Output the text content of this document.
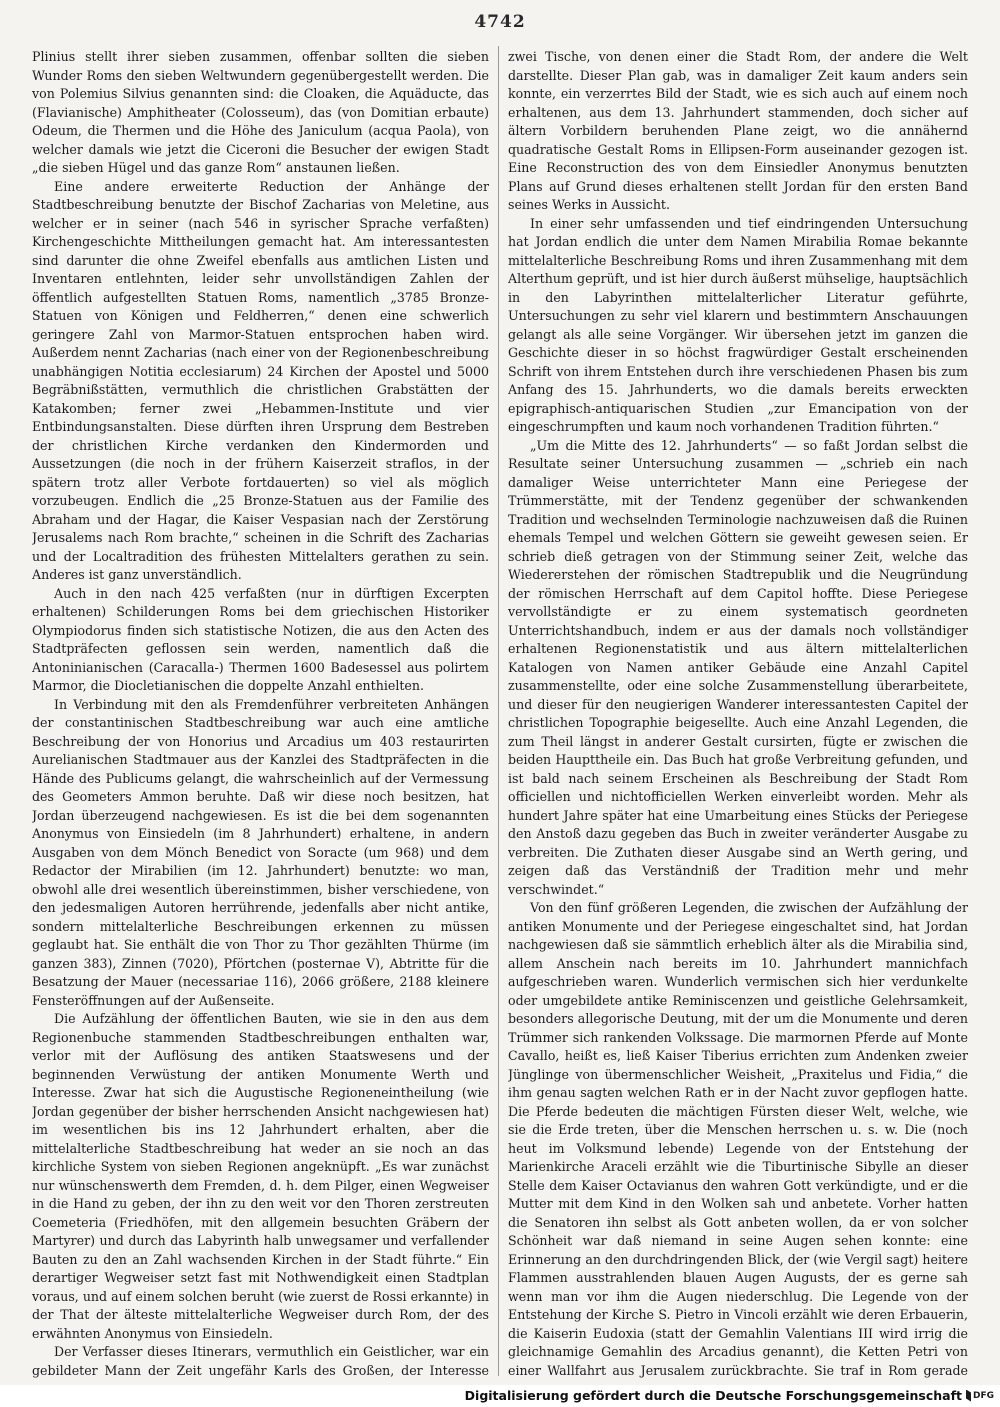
4742

Plinius stellt ihrer sieben zusammen, offenbar sollten die sieben Wunder Roms den sieben Weltwundern gegenübergestellt werden. Die von Polemius Silvius genannten sind: die Cloaken, die Aquäducte, das (Flavianische) Amphitheater (Colosseum), das (von Domitian erbaute) Odeum, die Thermen und die Höhe des Janiculum (acqua Paola), von welcher damals wie jetzt die Ciceroni die Besucher der ewigen Stadt „die sieben Hügel und das ganze Rom“ anstaunen ließen.

Eine andere erweiterte Reduction der Anhänge der Stadtbeschreibung benutzte der Bischof Zacharias von Meletine, aus welcher er in seiner (nach 546 in syrischer Sprache verfaßten) Kirchengeschichte Mittheilungen gemacht hat. Am interessantesten sind darunter die ohne Zweifel ebenfalls aus amtlichen Listen und Inventaren entlehnten, leider sehr unvollständigen Zahlen der öffentlich aufgestellten Statuen Roms, namentlich „3785 Bronze-Statuen von Königen und Feldherren,“ denen eine schwerlich geringere Zahl von Marmor-Statuen entsprochen haben wird. Außerdem nennt Zacharias (nach einer von der Regionenbeschreibung unabhängigen Notitia ecclesiarum) 24 Kirchen der Apostel und 5000 Begräbnißstätten, vermuthlich die christlichen Grabstätten der Katakomben; ferner zwei „Hebammen-Institute und vier Entbindungsanstalten. Diese dürften ihren Ursprung dem Bestreben der christlichen Kirche verdanken den Kindermorden und Aussetzungen (die noch in der frühern Kaiserzeit straflos, in der spätern trotz aller Verbote fortdauerten) so viel als möglich vorzubeugen. Endlich die „25 Bronze-Statuen aus der Familie des Abraham und der Hagar, die Kaiser Vespasian nach der Zerstörung Jerusalems nach Rom brachte,“ scheinen in die Schrift des Zacharias und der Localtradition des frühesten Mittelalters gerathen zu sein. Anderes ist ganz unverständlich.

Auch in den nach 425 verfaßten (nur in dürftigen Excerpten erhaltenen) Schilderungen Roms bei dem griechischen Historiker Olympiodorus finden sich statistische Notizen, die aus den Acten des Stadtpräfecten geflossen sein werden, namentlich daß die Antoninianischen (Caracalla-) Thermen 1600 Badesessel aus polirtem Marmor, die Diocletianischen die doppelte Anzahl enthielten.

In Verbindung mit den als Fremdenführer verbreiteten Anhängen der constantinischen Stadtbeschreibung war auch eine amtliche Beschreibung der von Honorius und Arcadius um 403 restaurirten Aurelianischen Stadtmauer aus der Kanzlei des Stadtpräfecten in die Hände des Publicums gelangt, die wahrscheinlich auf der Vermessung des Geometers Ammon beruhte. Daß wir diese noch besitzen, hat Jordan überzeugend nachgewiesen. Es ist die bei dem sogenannten Anonymus von Einsiedeln (im 8 Jahrhundert) erhaltene, in andern Ausgaben von dem Mönch Benedict von Soracte (um 968) und dem Redactor der Mirabilien (im 12. Jahrhundert) benutzte: wo man, obwohl alle drei wesentlich übereinstimmen, bisher verschiedene, von den jedesmaligen Autoren herrührende, jedenfalls aber nicht antike, sondern mittelalterliche Beschreibungen erkennen zu müssen geglaubt hat. Sie enthält die von Thor zu Thor gezählten Thürme (im ganzen 383), Zinnen (7020), Pförtchen (posternae V), Abtritte für die Besatzung der Mauer (necessariae 116), 2066 größere, 2188 kleinere Fensteröffnungen auf der Außenseite.

Die Aufzählung der öffentlichen Bauten, wie sie in den aus dem Regionenbuche stammenden Stadtbeschreibungen enthalten war, verlor mit der Auflösung des antiken Staatswesens und der beginnenden Verwüstung der antiken Monumente Werth und Interesse. Zwar hat sich die Augustische Regioneneintheilung (wie Jordan gegenüber der bisher herrschenden Ansicht nachgewiesen hat) im wesentlichen bis ins 12 Jahrhundert erhalten, aber die mittelalterliche Stadtbeschreibung hat weder an sie noch an das kirchliche System von sieben Regionen angeknüpft. „Es war zunächst nur wünschenswerth dem Fremden, d. h. dem Pilger, einen Wegweiser in die Hand zu geben, der ihn zu den weit vor den Thoren zerstreuten Coemeteria (Friedhöfen, mit den allgemein besuchten Gräbern der Martyrer) und durch das Labyrinth halb unwegsamer und verfallender Bauten zu den an Zahl wachsenden Kirchen in der Stadt führte.“ Ein derartiger Wegweiser setzt fast mit Nothwendigkeit einen Stadtplan voraus, und auf einem solchen beruht (wie zuerst de Rossi erkannte) in der That der älteste mittelalterliche Wegweiser durch Rom, der des erwähnten Anonymus von Einsiedeln.

Der Verfasser dieses Itinerars, vermuthlich ein Geistlicher, war ein gebildeter Mann der Zeit ungefähr Karls des Großen, der Interesse

zwei Tische, von denen einer die Stadt Rom, der andere die Welt darstellte. Dieser Plan gab, was in damaliger Zeit kaum anders sein konnte, ein verzerrtes Bild der Stadt, wie es sich auch auf einem noch erhaltenen, aus dem 13. Jahrhundert stammenden, doch sicher auf ältern Vorbildern beruhenden Plane zeigt, wo die annähernd quadratische Gestalt Roms in Ellipsen-Form auseinander gezogen ist. Eine Reconstruction des von dem Einsiedler Anonymus benutzten Plans auf Grund dieses erhaltenen stellt Jordan für den ersten Band seines Werks in Aussicht.

In einer sehr umfassenden und tief eindringenden Untersuchung hat Jordan endlich die unter dem Namen Mirabilia Romae bekannte mittelalterliche Beschreibung Roms und ihren Zusammenhang mit dem Alterthum geprüft, und ist hier durch äußerst mühselige, hauptsächlich in den Labyrinthen mittelalterlicher Literatur geführte, Untersuchungen zu sehr viel klarern und bestimmtern Anschauungen gelangt als alle seine Vorgänger. Wir übersehen jetzt im ganzen die Geschichte dieser in so höchst fragwürdiger Gestalt erscheinenden Schrift von ihrem Entstehen durch ihre verschiedenen Phasen bis zum Anfang des 15. Jahrhunderts, wo die damals bereits erweckten epigraphisch-antiquarischen Studien „zur Emancipation von der eingeschrumpften und kaum noch vorhandenen Tradition führten.“

„Um die Mitte des 12. Jahrhunderts“ — so faßt Jordan selbst die Resultate seiner Untersuchung zusammen — „schrieb ein nach damaliger Weise unterrichteter Mann eine Periegese der Trümmerstätte, mit der Tendenz gegenüber der schwankenden Tradition und wechselnden Terminologie nachzuweisen daß die Ruinen ehemals Tempel und welchen Göttern sie geweiht gewesen seien. Er schrieb dieß getragen von der Stimmung seiner Zeit, welche das Wiedererstehen der römischen Stadtrepublik und die Neugründung der römischen Herrschaft auf dem Capitol hoffte. Diese Periegese vervollständigte er zu einem systematisch geordneten Unterrichtshandbuch, indem er aus der damals noch vollständiger erhaltenen Regionenstatistik und aus ältern mittelalterlichen Katalogen von Namen antiker Gebäude eine Anzahl Capitel zusammenstellte, oder eine solche Zusammenstellung überarbeitete, und dieser für den neugierigen Wanderer interessantesten Capitel der christlichen Topographie beigesellte. Auch eine Anzahl Legenden, die zum Theil längst in anderer Gestalt cursirten, fügte er zwischen die beiden Haupttheile ein. Das Buch hat große Verbreitung gefunden, und ist bald nach seinem Erscheinen als Beschreibung der Stadt Rom officiellen und nichtofficiellen Werken einverleibt worden. Mehr als hundert Jahre später hat eine Umarbeitung eines Stücks der Periegese den Anstoß dazu gegeben das Buch in zweiter veränderter Ausgabe zu verbreiten. Die Zuthaten dieser Ausgabe sind an Werth gering, und zeigen daß das Verständniß der Tradition mehr und mehr verschwindet.“

Von den fünf größeren Legenden, die zwischen der Aufzählung der antiken Monumente und der Periegese eingeschaltet sind, hat Jordan nachgewiesen daß sie sämmtlich erheblich älter als die Mirabilia sind, allem Anschein nach bereits im 10. Jahrhundert mannichfach aufgeschrieben waren. Wunderlich vermischen sich hier verdunkelte oder umgebildete antike Reminiscenzen und geistliche Gelehrsamkeit, besonders allegorische Deutung, mit der um die Monumente und deren Trümmer sich rankenden Volkssage. Die marmornen Pferde auf Monte Cavallo, heißt es, ließ Kaiser Tiberius errichten zum Andenken zweier Jünglinge von übermenschlicher Weisheit, „Praxitelus und Fidia,“ die ihm genau sagten welchen Rath er in der Nacht zuvor gepflogen hatte. Die Pferde bedeuten die mächtigen Fürsten dieser Welt, welche, wie sie die Erde treten, über die Menschen herrschen u. s. w. Die (noch heut im Volksmund lebende) Legende von der Entstehung der Marienkirche Araceli erzählt wie die Tiburtinische Sibylle an dieser Stelle dem Kaiser Octavianus den wahren Gott verkündigte, und er die Mutter mit dem Kind in den Wolken sah und anbetete. Vorher hatten die Senatoren ihn selbst als Gott anbeten wollen, da er von solcher Schönheit war daß niemand in seine Augen sehen konnte: eine Erinnerung an den durchdringenden Blick, der (wie Vergil sagt) heitere Flammen ausstrahlenden blauen Augen Augusts, der es gerne sah wenn man vor ihm die Augen niederschlug. Die Legende von der Entstehung der Kirche S. Pietro in Vincoli erzählt wie deren Erbauerin, die Kaiserin Eudoxia (statt der Gemahlin Valentians III wird irrig die gleichnamige Gemahlin des Arcadius genannt), die Ketten Petri von einer Wallfahrt aus Jerusalem zurückbrachte. Sie traf in Rom gerade

Digitalisierung gefördert durch die Deutsche Forschungsgemeinschaft DFG
